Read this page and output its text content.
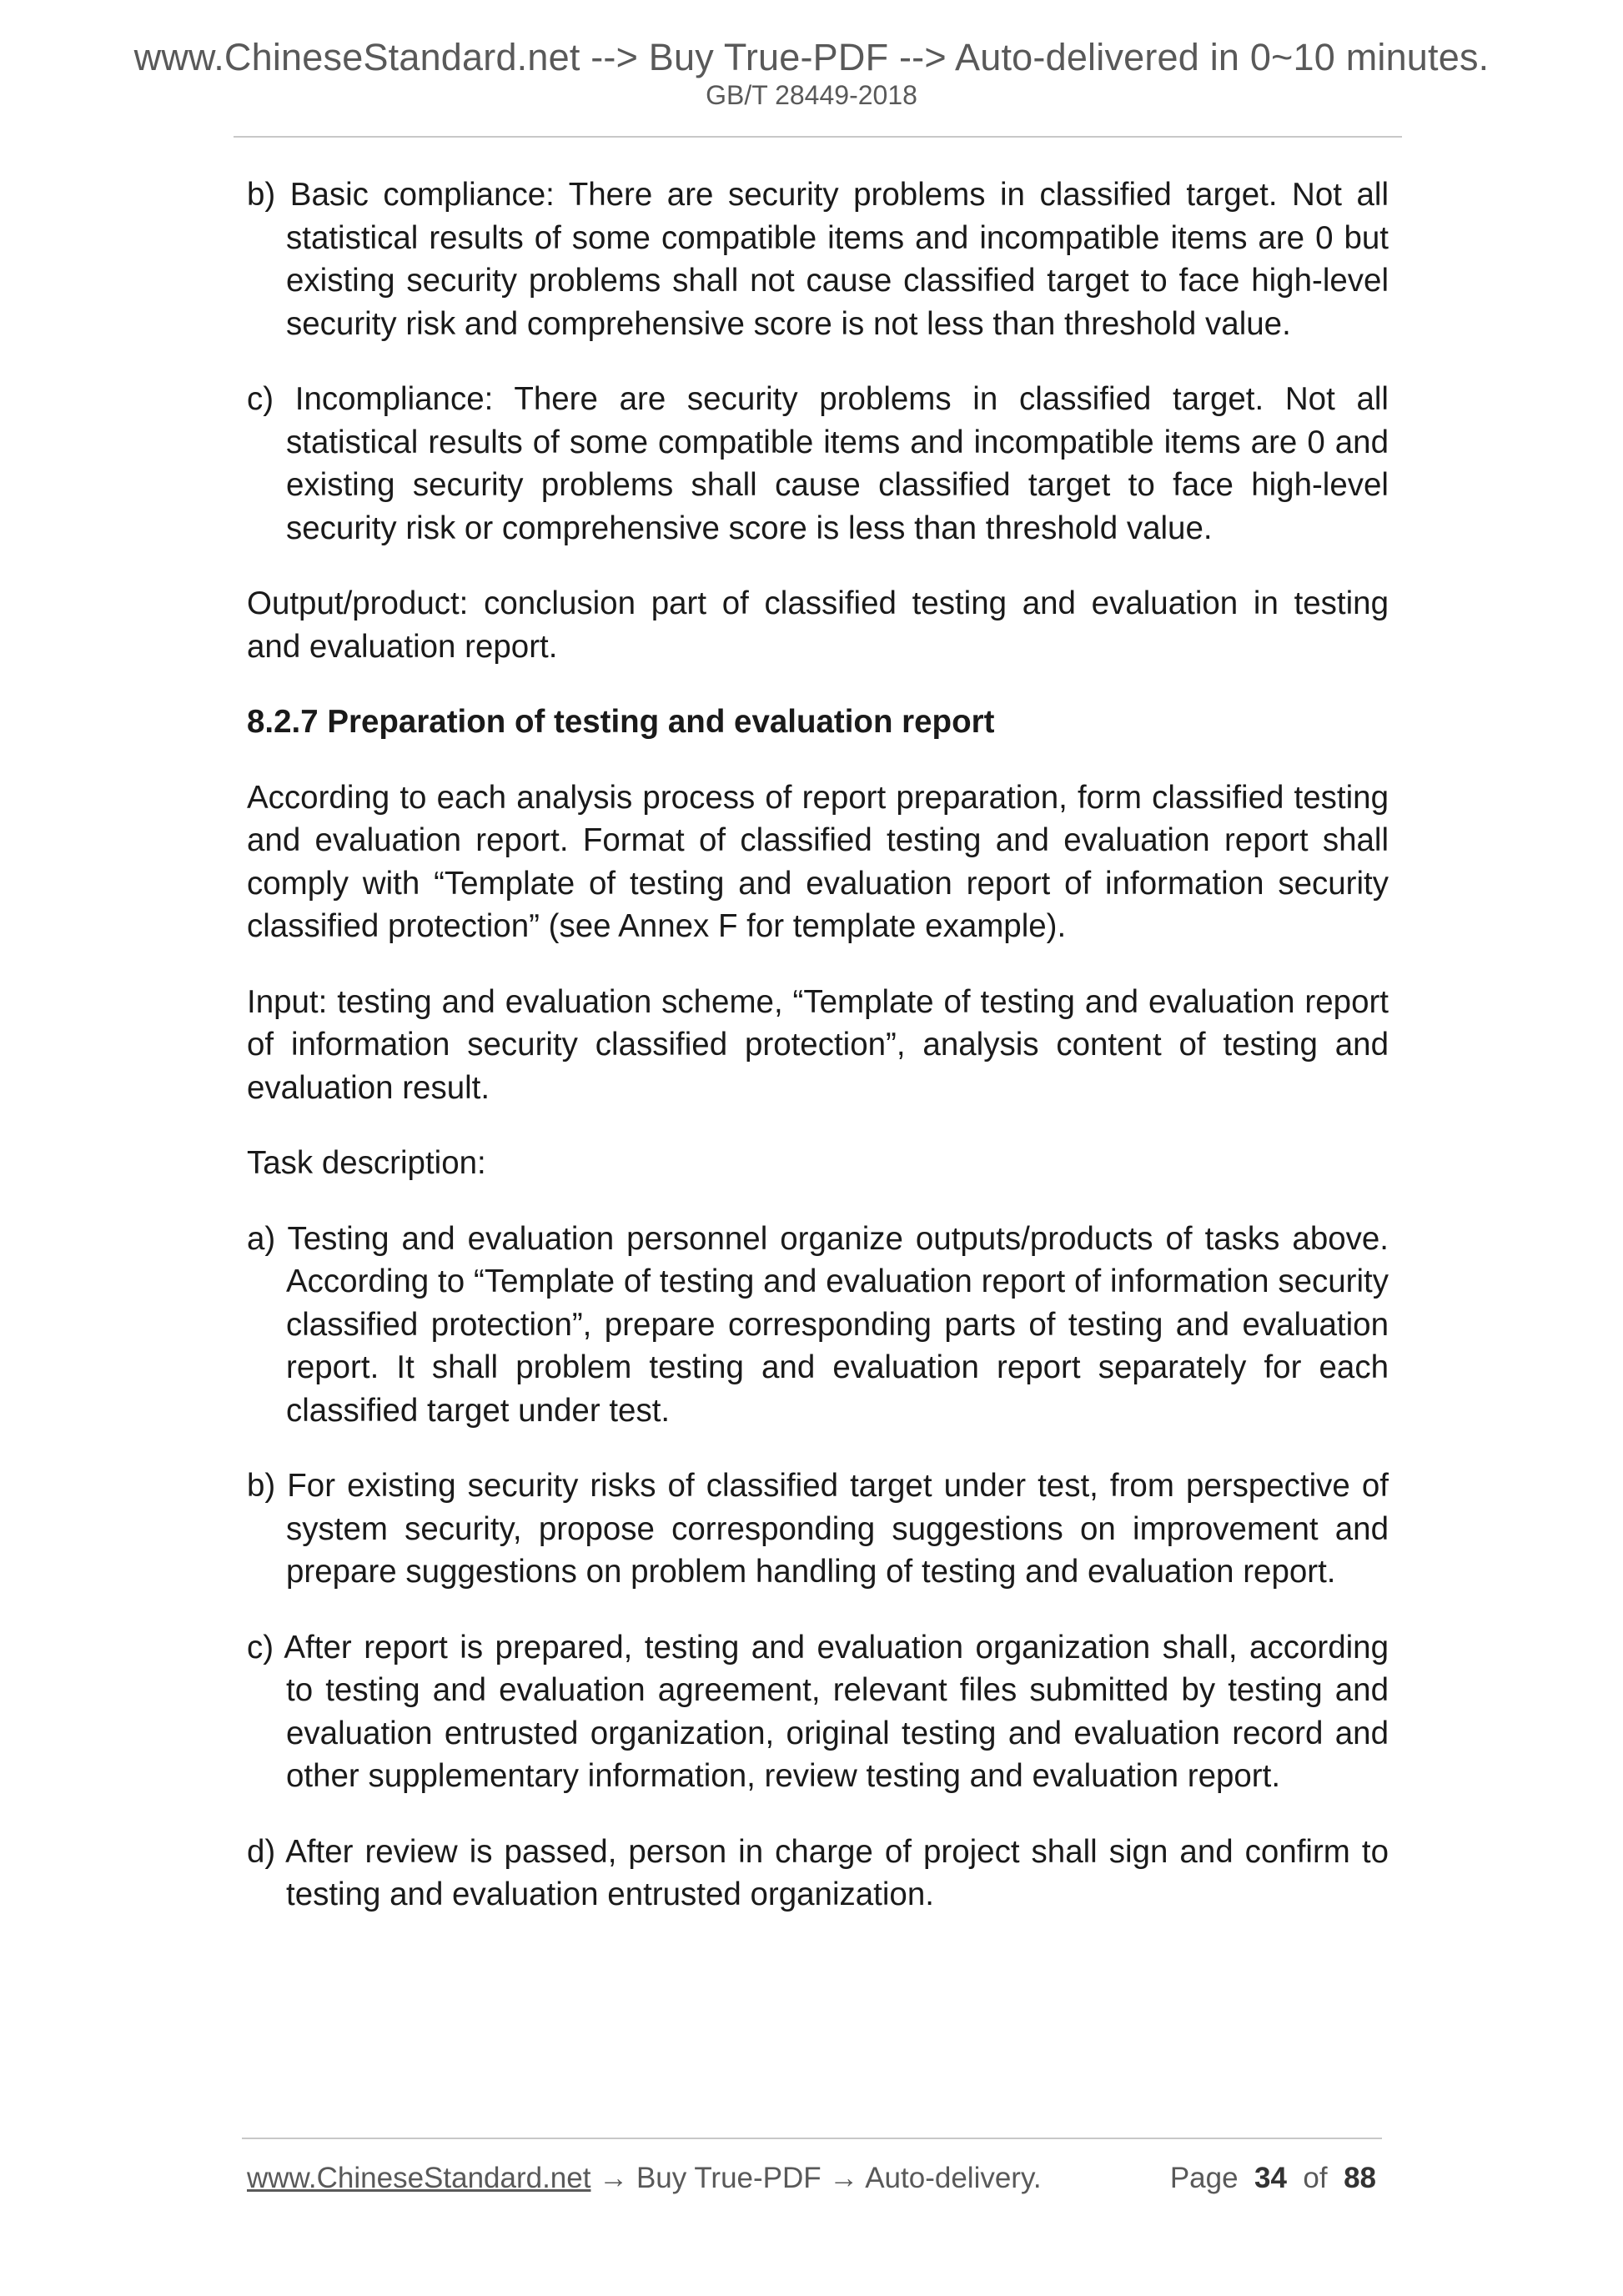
www.ChineseStandard.net --> Buy True-PDF --> Auto-delivered in 0~10 minutes.
GB/T 28449-2018

b) Basic compliance: There are security problems in classified target. Not all statistical results of some compatible items and incompatible items are 0 but existing security problems shall not cause classified target to face high-level security risk and comprehensive score is not less than threshold value.

c) Incompliance: There are security problems in classified target. Not all statistical results of some compatible items and incompatible items are 0 and existing security problems shall cause classified target to face high-level security risk or comprehensive score is less than threshold value.

Output/product: conclusion part of classified testing and evaluation in testing and evaluation report.

8.2.7 Preparation of testing and evaluation report

According to each analysis process of report preparation, form classified testing and evaluation report. Format of classified testing and evaluation report shall comply with “Template of testing and evaluation report of information security classified protection” (see Annex F for template example).

Input: testing and evaluation scheme, “Template of testing and evaluation report of information security classified protection”, analysis content of testing and evaluation result.

Task description:

a) Testing and evaluation personnel organize outputs/products of tasks above. According to “Template of testing and evaluation report of information security classified protection”, prepare corresponding parts of testing and evaluation report. It shall problem testing and evaluation report separately for each classified target under test.

b) For existing security risks of classified target under test, from perspective of system security, propose corresponding suggestions on improvement and prepare suggestions on problem handling of testing and evaluation report.

c) After report is prepared, testing and evaluation organization shall, according to testing and evaluation agreement, relevant files submitted by testing and evaluation entrusted organization, original testing and evaluation record and other supplementary information, review testing and evaluation report.

d) After review is passed, person in charge of project shall sign and confirm to testing and evaluation entrusted organization.

www.ChineseStandard.net → Buy True-PDF → Auto-delivery.	Page 34 of 88
